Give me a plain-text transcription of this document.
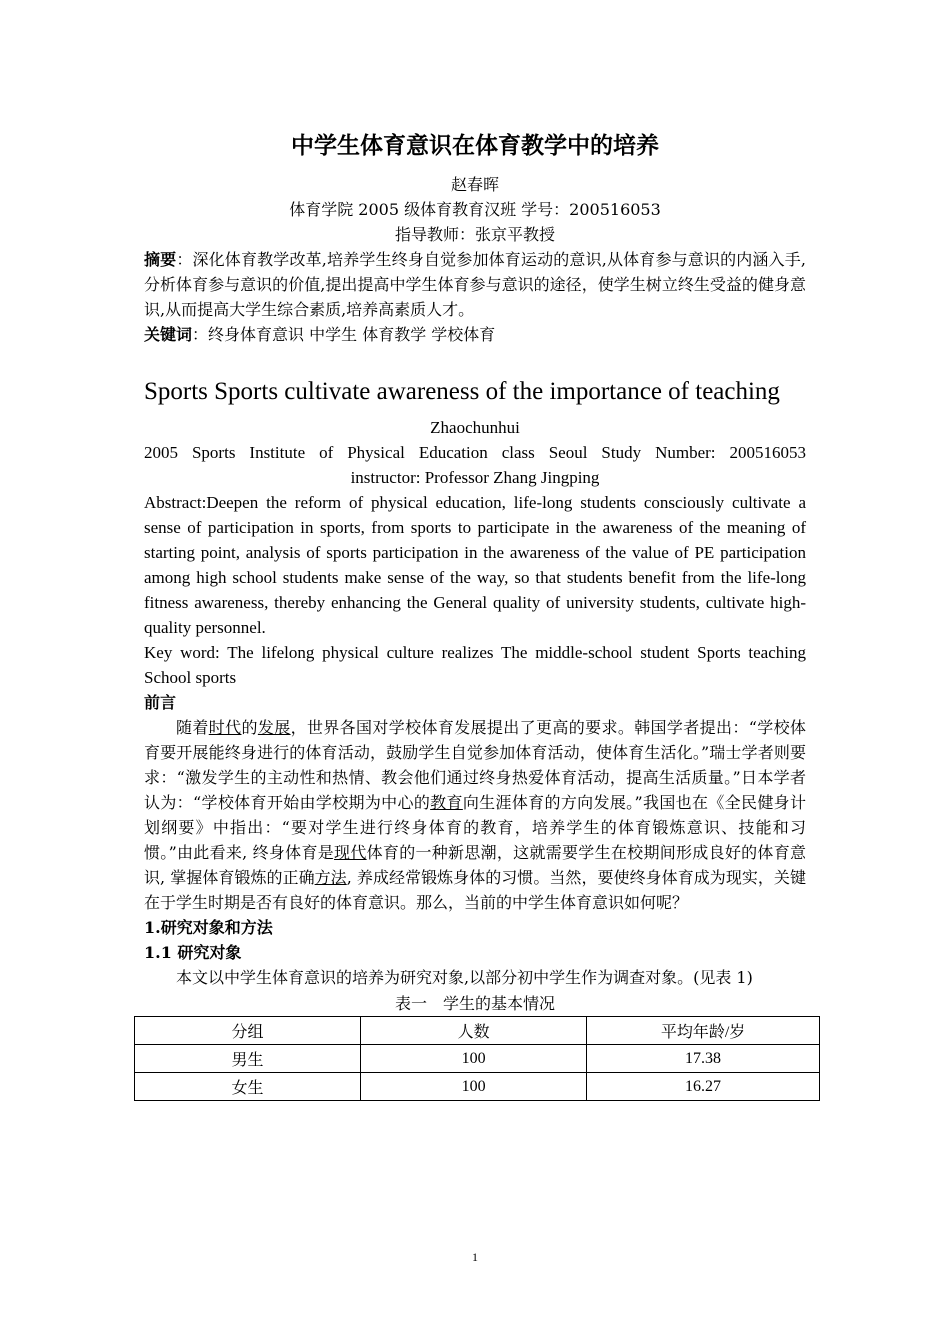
中学生体育意识在体育教学中的培养
赵春晖
体育学院 2005 级体育教育汉班 学号：200516053
指导教师：张京平教授

摘要：深化体育教学改革,培养学生终身自觉参加体育运动的意识,从体育参与意识的内涵入手,分析体育参与意识的价值,提出提高中学生体育参与意识的途径，使学生树立终生受益的健身意识,从而提高大学生综合素质,培养高素质人才。

关键词：终身体育意识 中学生 体育教学 学校体育

Sports Sports cultivate awareness of the importance of teaching
Zhaochunhui

2005 Sports Institute of Physical Education class Seoul Study Number: 200516053

instructor: Professor Zhang Jingping

Abstract:Deepen the reform of physical education, life-long students consciously cultivate a sense of participation in sports, from sports to participate in the awareness of the meaning of starting point, analysis of sports participation in the awareness of the value of PE participation among high school students make sense of the way, so that students benefit from the life-long fitness awareness, thereby enhancing the General quality of university students, cultivate high-quality personnel.

Key word: The lifelong physical culture realizes The middle-school student Sports teaching School sports

前言

随着时代的发展，世界各国对学校体育发展提出了更高的要求。韩国学者提出：“学校体育要开展能终身进行的体育活动，鼓励学生自觉参加体育活动，使体育生活化。”瑞士学者则要求：“激发学生的主动性和热情、教会他们通过终身热爱体育活动，提高生活质量。”日本学者认为：“学校体育开始由学校期为中心的教育向生涯体育的方向发展。”我国也在《全民健身计划纲要》中指出：“要对学生进行终身体育的教育，培养学生的体育锻炼意识、技能和习惯。”由此看来, 终身体育是现代体育的一种新思潮，这就需要学生在校期间形成良好的体育意识, 掌握体育锻炼的正确方法, 养成经常锻炼身体的习惯。当然，要使终身体育成为现实，关键在于学生时期是否有良好的体育意识。那么，当前的中学生体育意识如何呢？

1.研究对象和方法

1.1 研究对象

本文以中学生体育意识的培养为研究对象,以部分初中学生作为调查对象。(见表 1)

表一　学生的基本情况
分组	人数	平均年龄/岁
男生	100	17.38
女生	100	16.27
1
